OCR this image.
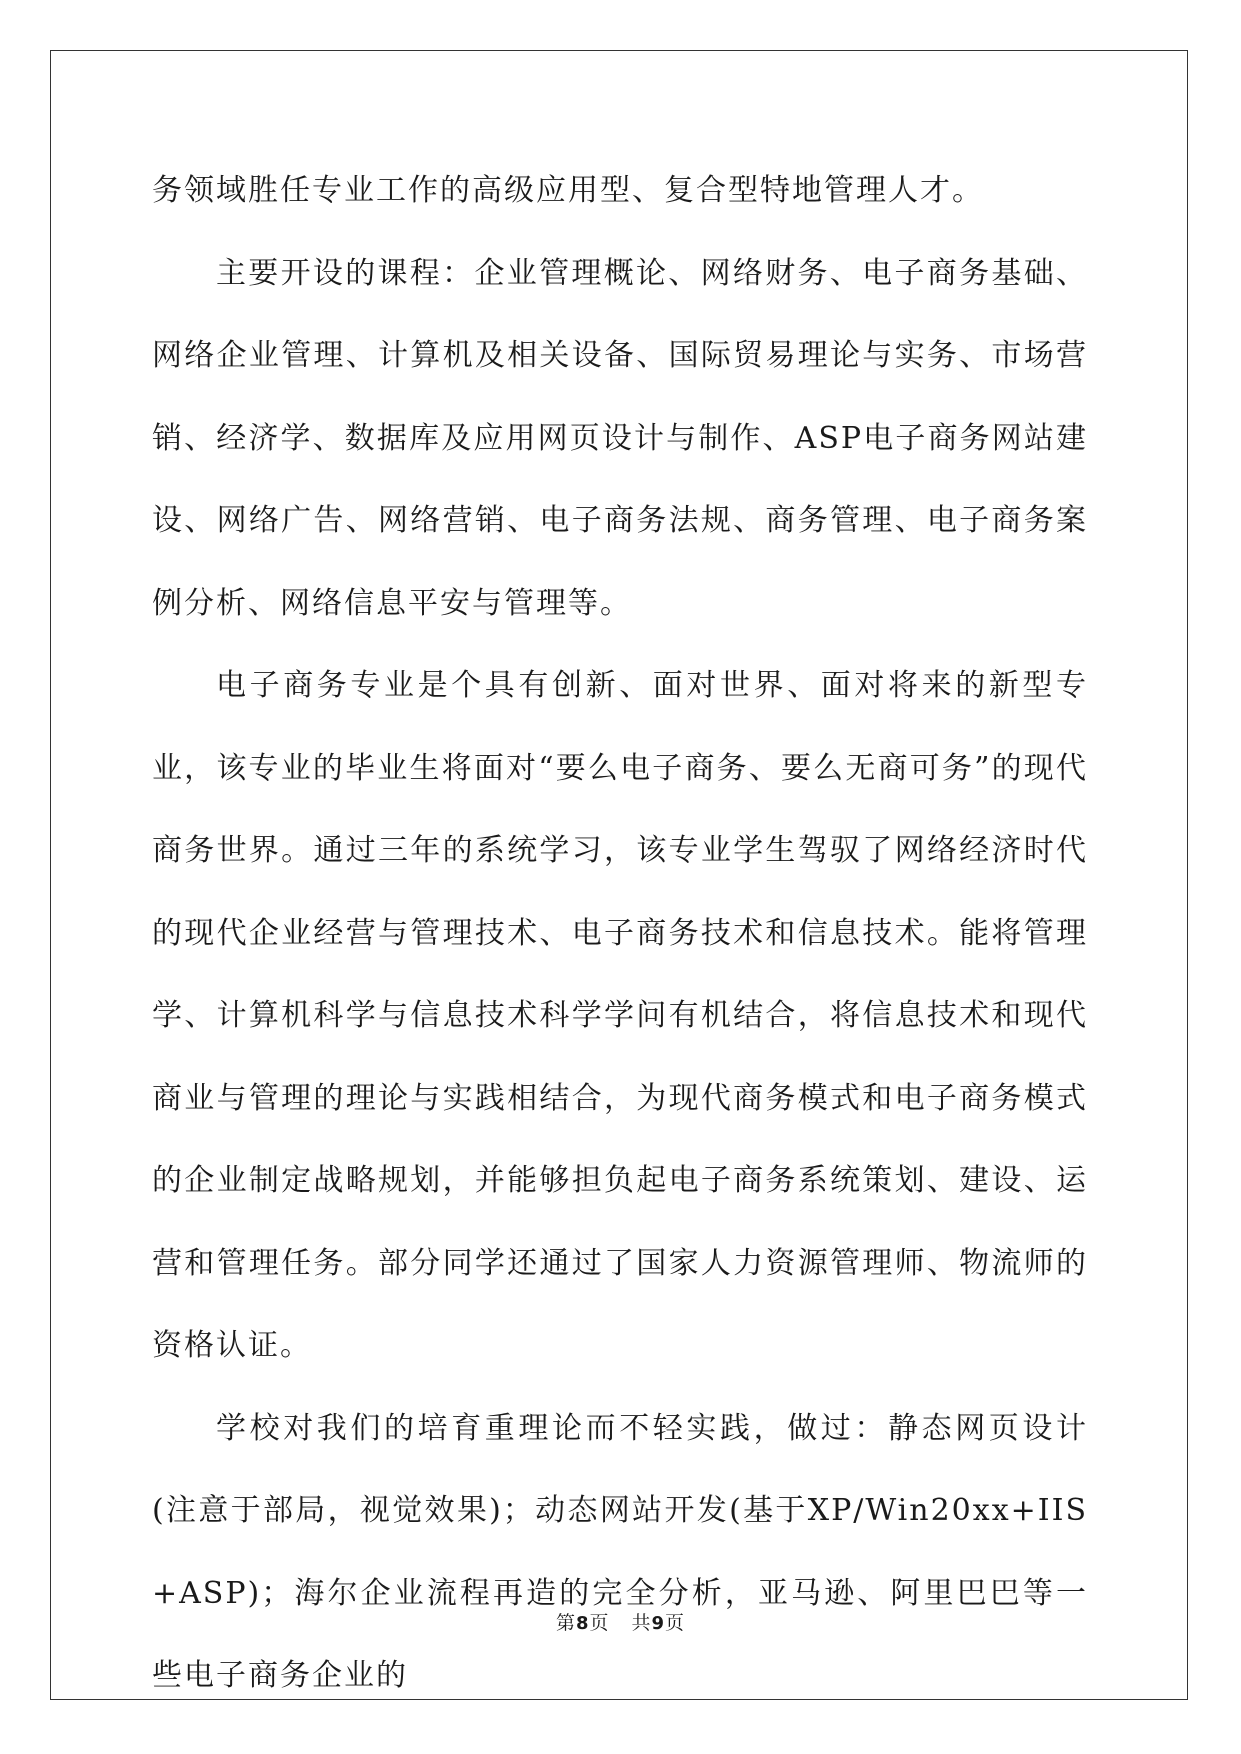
务领域胜任专业工作的高级应用型、复合型特地管理人才。

主要开设的课程：企业管理概论、网络财务、电子商务基础、网络企业管理、计算机及相关设备、国际贸易理论与实务、市场营销、经济学、数据库及应用网页设计与制作、ASP电子商务网站建设、网络广告、网络营销、电子商务法规、商务管理、电子商务案例分析、网络信息平安与管理等。

电子商务专业是个具有创新、面对世界、面对将来的新型专业，该专业的毕业生将面对“要么电子商务、要么无商可务”的现代商务世界。通过三年的系统学习，该专业学生驾驭了网络经济时代的现代企业经营与管理技术、电子商务技术和信息技术。能将管理学、计算机科学与信息技术科学学问有机结合，将信息技术和现代商业与管理的理论与实践相结合，为现代商务模式和电子商务模式的企业制定战略规划，并能够担负起电子商务系统策划、建设、运营和管理任务。部分同学还通过了国家人力资源管理师、物流师的资格认证。

学校对我们的培育重理论而不轻实践，做过：静态网页设计(注意于部局，视觉效果)；动态网站开发(基于XP/Win20xx+IIS+ASP)；海尔企业流程再造的完全分析，亚马逊、阿里巴巴等一些电子商务企业的

第8页 共9页
